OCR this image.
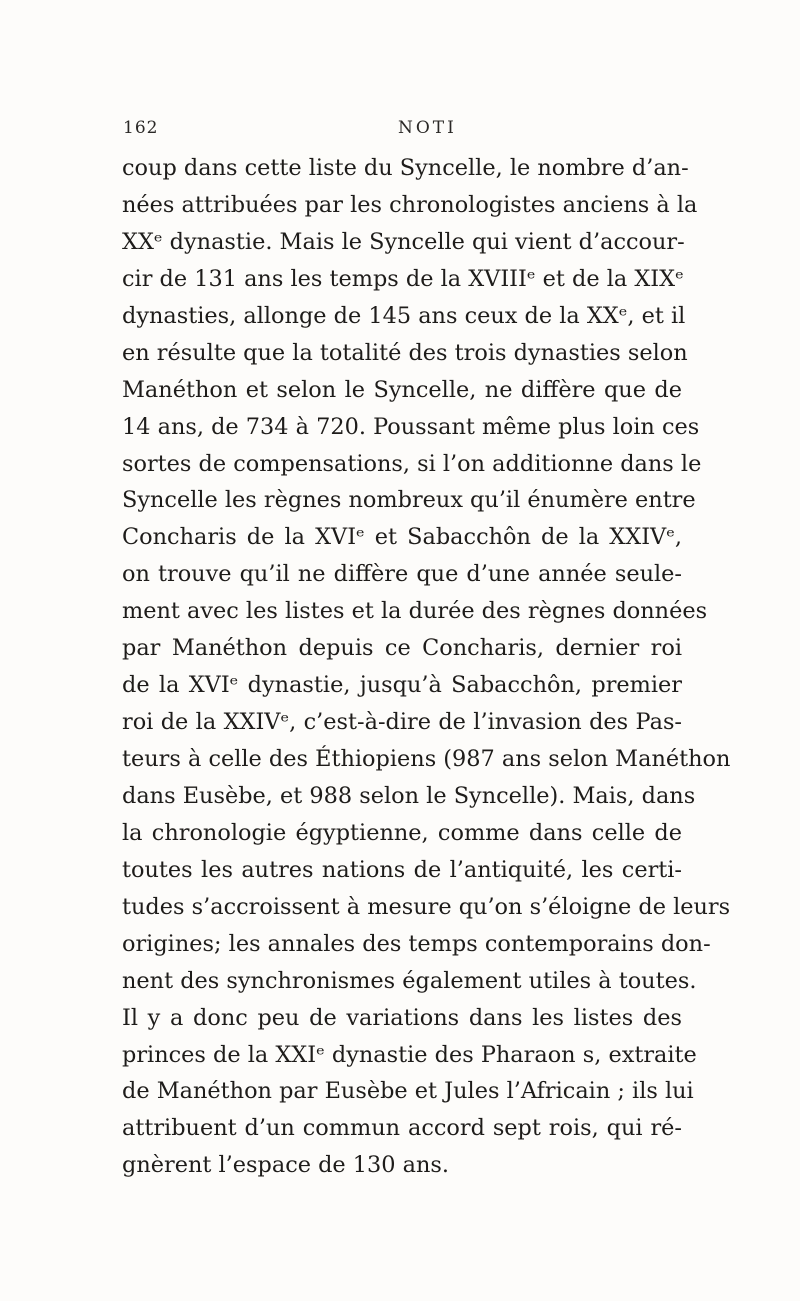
162	NOTI
coup dans cette liste du Syncelle, le nombre d’an-
nées attribuées par les chronologistes anciens à la
XXᵉ dynastie. Mais le Syncelle qui vient d’accour-
cir de 131 ans les temps de la XVIIIᵉ et de la XIXᵉ
dynasties, allonge de 145 ans ceux de la XXᵉ, et il
en résulte que la totalité des trois dynasties selon
Manéthon et selon le Syncelle, ne diffère que de
14 ans, de 734 à 720. Poussant même plus loin ces
sortes de compensations, si l’on additionne dans le
Syncelle les règnes nombreux qu’il énumère entre
Concharis de la XVIᵉ et Sabacchôn de la XXIVᵉ,
on trouve qu’il ne diffère que d’une année seule-
ment avec les listes et la durée des règnes données
par Manéthon depuis ce Concharis, dernier roi
de la XVIᵉ dynastie, jusqu’à Sabacchôn, premier
roi de la XXIVᵉ, c’est-à-dire de l’invasion des Pas-
teurs à celle des Éthiopiens (987 ans selon Manéthon
dans Eusèbe, et 988 selon le Syncelle). Mais, dans
la chronologie égyptienne, comme dans celle de
toutes les autres nations de l’antiquité, les certi-
tudes s’accroissent à mesure qu’on s’éloigne de leurs
origines; les annales des temps contemporains don-
nent des synchronismes également utiles à toutes.
Il y a donc peu de variations dans les listes des
princes de la XXIᵉ dynastie des Pharaon s, extraite
de Manéthon par Eusèbe et Jules l’Africain ; ils lui
attribuent d’un commun accord sept rois, qui ré-
gnèrent l’espace de 130 ans.
